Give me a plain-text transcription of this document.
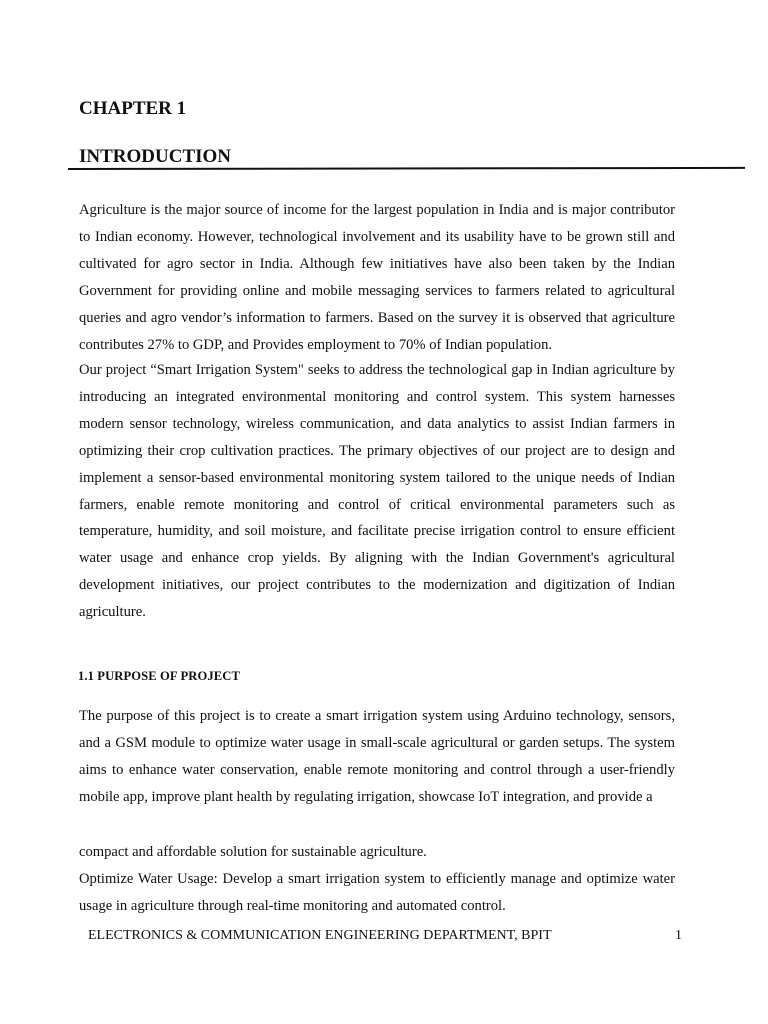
CHAPTER 1
INTRODUCTION

Agriculture is the major source of income for the largest population in India and is major contributor to Indian economy. However, technological involvement and its usability have to be grown still and cultivated for agro sector in India. Although few initiatives have also been taken by the Indian Government for providing online and mobile messaging services to farmers related to agricultural queries and agro vendor’s information to farmers. Based on the survey it is observed that agriculture contributes 27% to GDP, and Provides employment to 70% of Indian population.

Our project “Smart Irrigation System" seeks to address the technological gap in Indian agriculture by introducing an integrated environmental monitoring and control system. This system harnesses modern sensor technology, wireless communication, and data analytics to assist Indian farmers in optimizing their crop cultivation practices. The primary objectives of our project are to design and implement a sensor-based environmental monitoring system tailored to the unique needs of Indian farmers, enable remote monitoring and control of critical environmental parameters such as temperature, humidity, and soil moisture, and facilitate precise irrigation control to ensure efficient water usage and enhance crop yields. By aligning with the Indian Government's agricultural development initiatives, our project contributes to the modernization and digitization of Indian agriculture.

1.1 PURPOSE OF PROJECT

The purpose of this project is to create a smart irrigation system using Arduino technology, sensors, and a GSM module to optimize water usage in small-scale agricultural or garden setups. The system aims to enhance water conservation, enable remote monitoring and control through a user-friendly mobile app, improve plant health by regulating irrigation, showcase IoT integration, and provide a

compact and affordable solution for sustainable agriculture.

Optimize Water Usage: Develop a smart irrigation system to efficiently manage and optimize water usage in agriculture through real-time monitoring and automated control.

ELECTRONICS & COMMUNICATION ENGINEERING DEPARTMENT, BPIT	1
